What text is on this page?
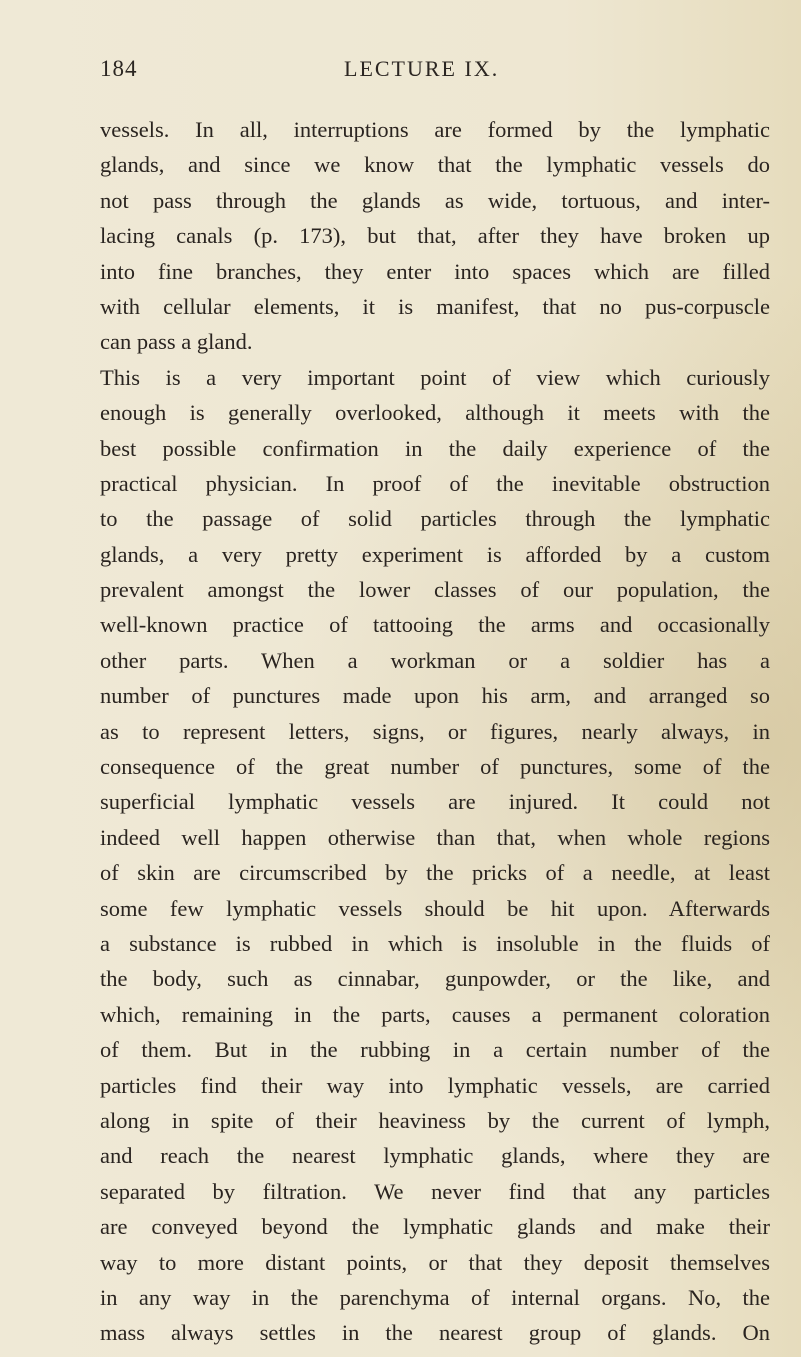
184	LECTURE IX.
vessels. In all, interruptions are formed by the lymphatic
glands, and since we know that the lymphatic vessels do
not pass through the glands as wide, tortuous, and inter-
lacing canals (p. 173), but that, after they have broken up
into fine branches, they enter into spaces which are filled
with cellular elements, it is manifest, that no pus-corpuscle
can pass a gland.
This is a very important point of view which curiously
enough is generally overlooked, although it meets with the
best possible confirmation in the daily experience of the
practical physician. In proof of the inevitable obstruction
to the passage of solid particles through the lymphatic
glands, a very pretty experiment is afforded by a custom
prevalent amongst the lower classes of our population, the
well-known practice of tattooing the arms and occasionally
other parts. When a workman or a soldier has a
number of punctures made upon his arm, and arranged so
as to represent letters, signs, or figures, nearly always, in
consequence of the great number of punctures, some of the
superficial lymphatic vessels are injured. It could not
indeed well happen otherwise than that, when whole regions
of skin are circumscribed by the pricks of a needle, at least
some few lymphatic vessels should be hit upon. Afterwards
a substance is rubbed in which is insoluble in the fluids of
the body, such as cinnabar, gunpowder, or the like, and
which, remaining in the parts, causes a permanent coloration
of them. But in the rubbing in a certain number of the
particles find their way into lymphatic vessels, are carried
along in spite of their heaviness by the current of lymph,
and reach the nearest lymphatic glands, where they are
separated by filtration. We never find that any particles
are conveyed beyond the lymphatic glands and make their
way to more distant points, or that they deposit themselves
in any way in the parenchyma of internal organs. No, the
mass always settles in the nearest group of glands. On
